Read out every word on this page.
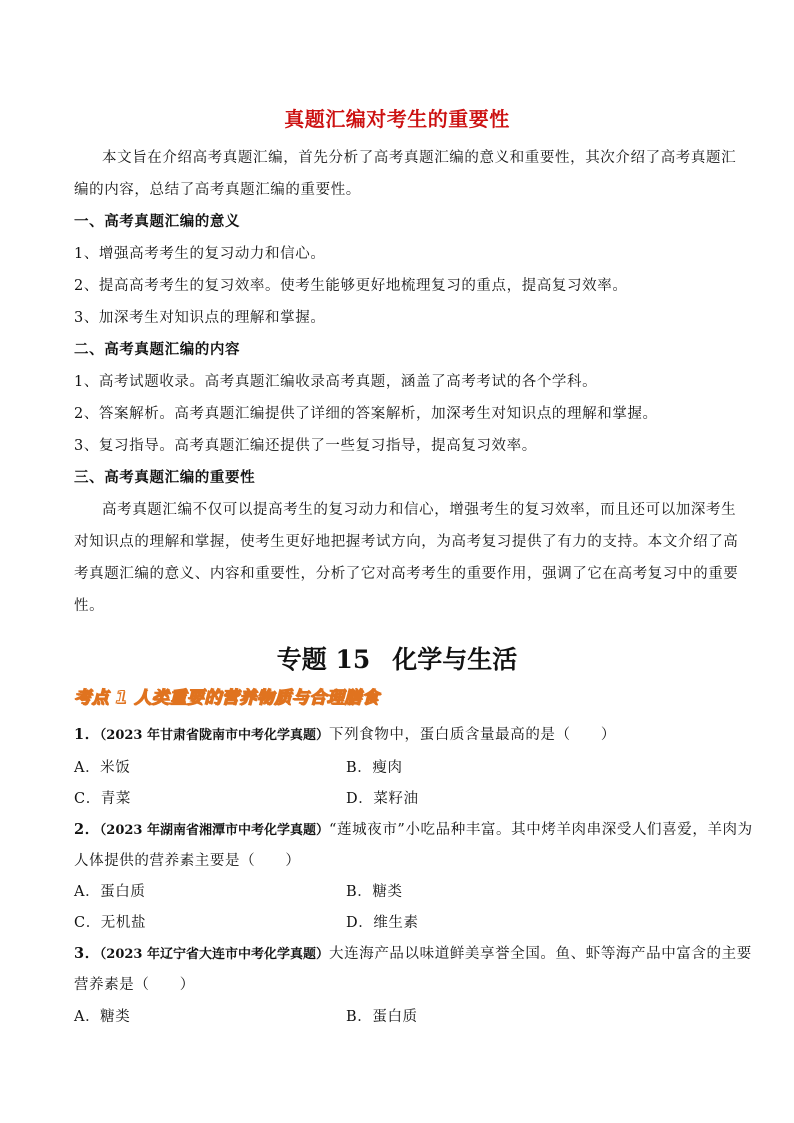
真题汇编对考生的重要性
本文旨在介绍高考真题汇编，首先分析了高考真题汇编的意义和重要性，其次介绍了高考真题汇
编的内容，总结了高考真题汇编的重要性。
一、高考真题汇编的意义
1、增强高考考生的复习动力和信心。
2、提高高考考生的复习效率。使考生能够更好地梳理复习的重点，提高复习效率。
3、加深考生对知识点的理解和掌握。
二、高考真题汇编的内容
1、高考试题收录。高考真题汇编收录高考真题，涵盖了高考考试的各个学科。
2、答案解析。高考真题汇编提供了详细的答案解析，加深考生对知识点的理解和掌握。
3、复习指导。高考真题汇编还提供了一些复习指导，提高复习效率。
三、高考真题汇编的重要性
高考真题汇编不仅可以提高考生的复习动力和信心，增强考生的复习效率，而且还可以加深考生
对知识点的理解和掌握，使考生更好地把握考试方向，为高考复习提供了有力的支持。本文介绍了高
考真题汇编的意义、内容和重要性，分析了它对高考考生的重要作用，强调了它在高考复习中的重要
性。
专题 15 化学与生活
考点 1 人类重要的营养物质与合理膳食
1．（2023 年甘肃省陇南市中考化学真题）下列食物中，蛋白质含量最高的是（　　）
A．米饭	B．瘦肉
C．青菜	D．菜籽油
2．（2023 年湖南省湘潭市中考化学真题）“莲城夜市”小吃品种丰富。其中烤羊肉串深受人们喜爱，羊肉为
人体提供的营养素主要是（　　）
A．蛋白质	B．糖类
C．无机盐	D．维生素
3．（2023 年辽宁省大连市中考化学真题）大连海产品以味道鲜美享誉全国。鱼、虾等海产品中富含的主要
营养素是（　　）
A．糖类	B．蛋白质
